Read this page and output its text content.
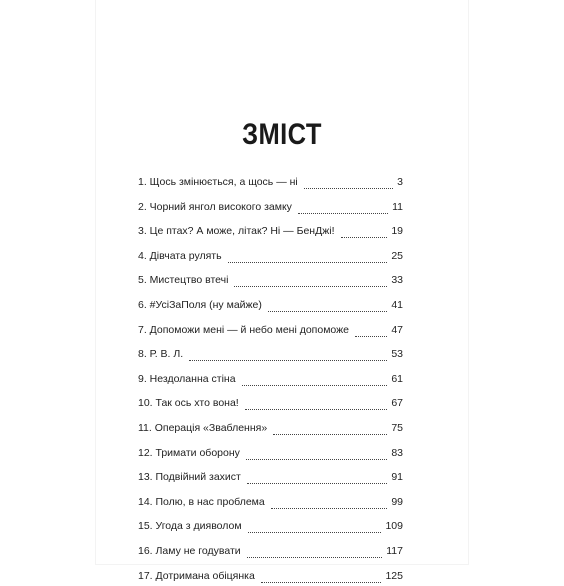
ЗМІСТ
1. Щось змінюється, а щось — ні	3
2. Чорний янгол високого замку	11
3. Це птах? А може, літак? Ні — БенДжі!	19
4. Дівчата рулять	25
5. Мистецтво втечі	33
6. #УсіЗаПоля (ну майже)	41
7. Допоможи мені — й небо мені допоможе	47
8. Р. В. Л.	53
9. Нездоланна стіна	61
10. Так ось хто вона!	67
11. Операція «Зваблення»	75
12. Тримати оборону	83
13. Подвійний захист	91
14. Полю, в нас проблема	99
15. Угода з дияволом	109
16. Ламу не годувати	117
17. Дотримана обіцянка	125
